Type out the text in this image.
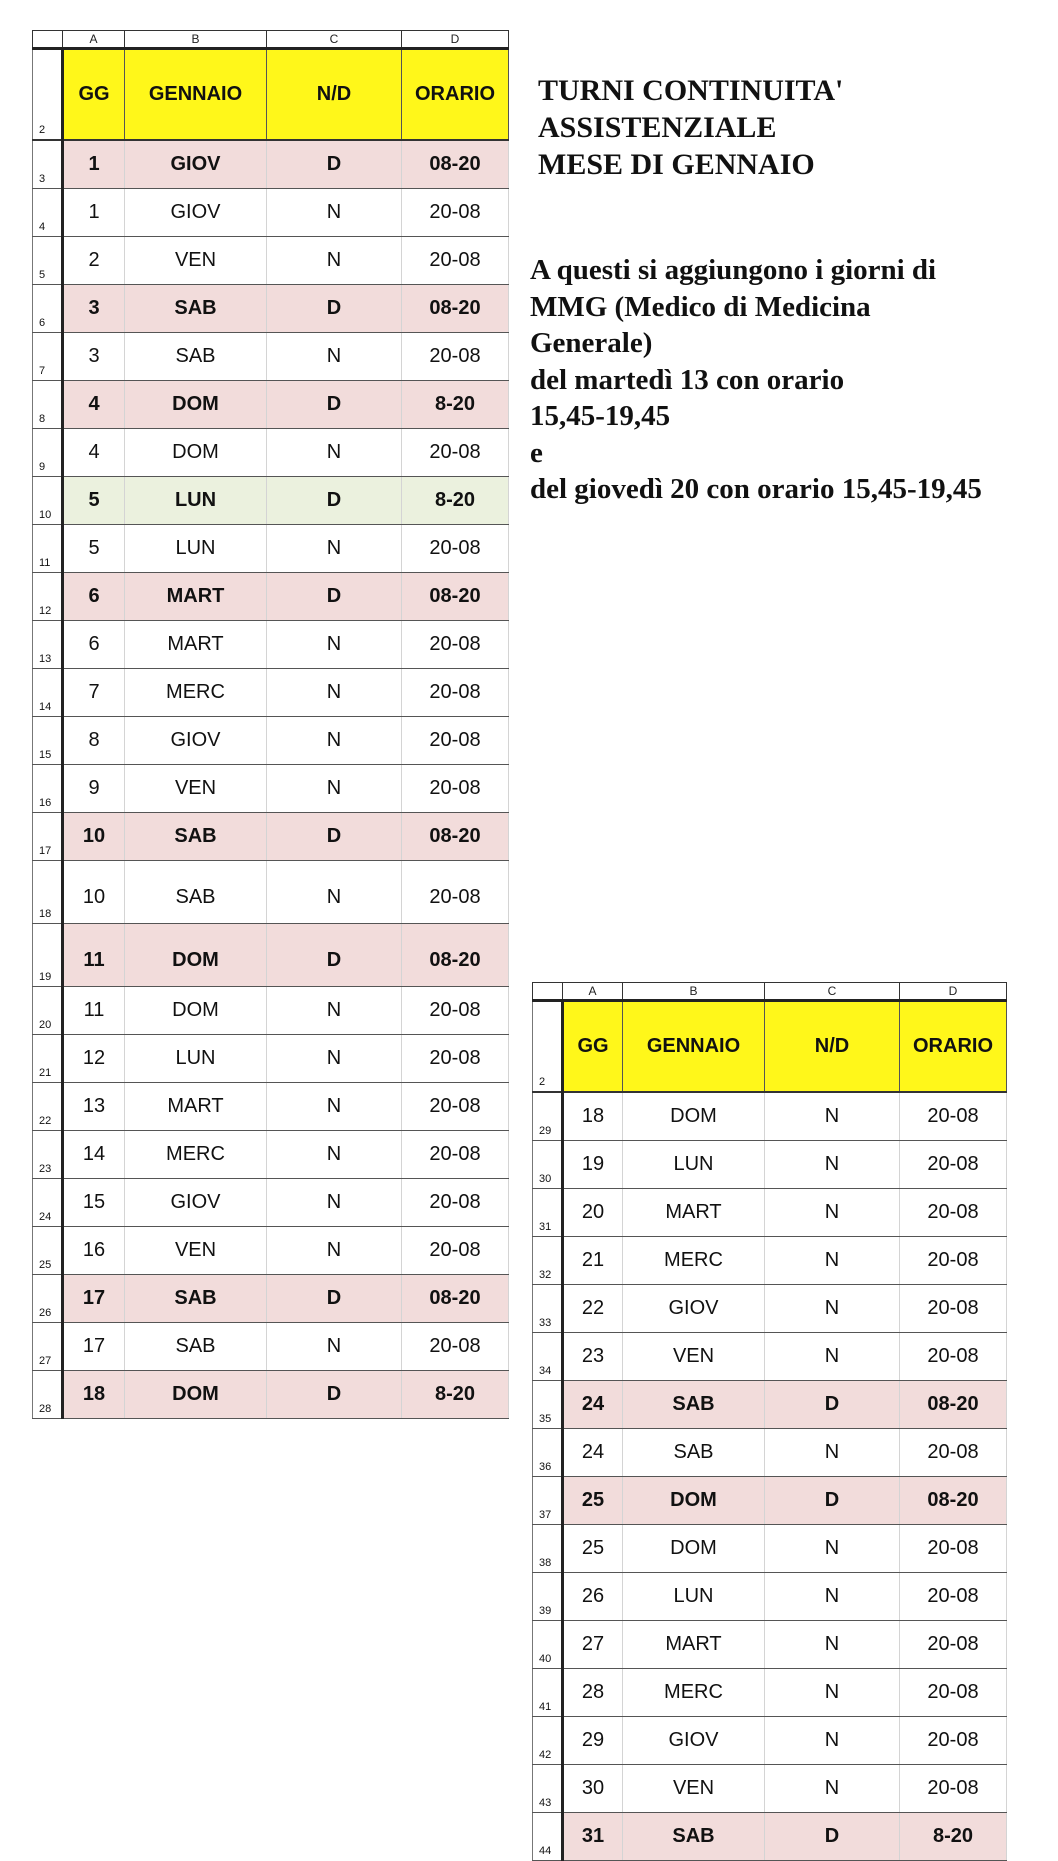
	A	B	C	D
2	GG	GENNAIO	N/D	ORARIO
3	1	GIOV	D	08-20
4	1	GIOV	N	20-08
5	2	VEN	N	20-08
6	3	SAB	D	08-20
7	3	SAB	N	20-08
8	4	DOM	D	8-20
9	4	DOM	N	20-08
10	5	LUN	D	8-20
11	5	LUN	N	20-08
12	6	MART	D	08-20
13	6	MART	N	20-08
14	7	MERC	N	20-08
15	8	GIOV	N	20-08
16	9	VEN	N	20-08
17	10	SAB	D	08-20
18	10	SAB	N	20-08
19	11	DOM	D	08-20
20	11	DOM	N	20-08
21	12	LUN	N	20-08
22	13	MART	N	20-08
23	14	MERC	N	20-08
24	15	GIOV	N	20-08
25	16	VEN	N	20-08
26	17	SAB	D	08-20
27	17	SAB	N	20-08
28	18	DOM	D	8-20
TURNI CONTINUITA'
ASSISTENZIALE
MESE DI GENNAIO
A questi si aggiungono i giorni di
MMG (Medico di Medicina
Generale)
del martedì 13 con orario
15,45-19,45
e
del giovedì 20 con orario 15,45-19,45
	A	B	C	D
2	GG	GENNAIO	N/D	ORARIO
29	18	DOM	N	20-08
30	19	LUN	N	20-08
31	20	MART	N	20-08
32	21	MERC	N	20-08
33	22	GIOV	N	20-08
34	23	VEN	N	20-08
35	24	SAB	D	08-20
36	24	SAB	N	20-08
37	25	DOM	D	08-20
38	25	DOM	N	20-08
39	26	LUN	N	20-08
40	27	MART	N	20-08
41	28	MERC	N	20-08
42	29	GIOV	N	20-08
43	30	VEN	N	20-08
44	31	SAB	D	8-20
